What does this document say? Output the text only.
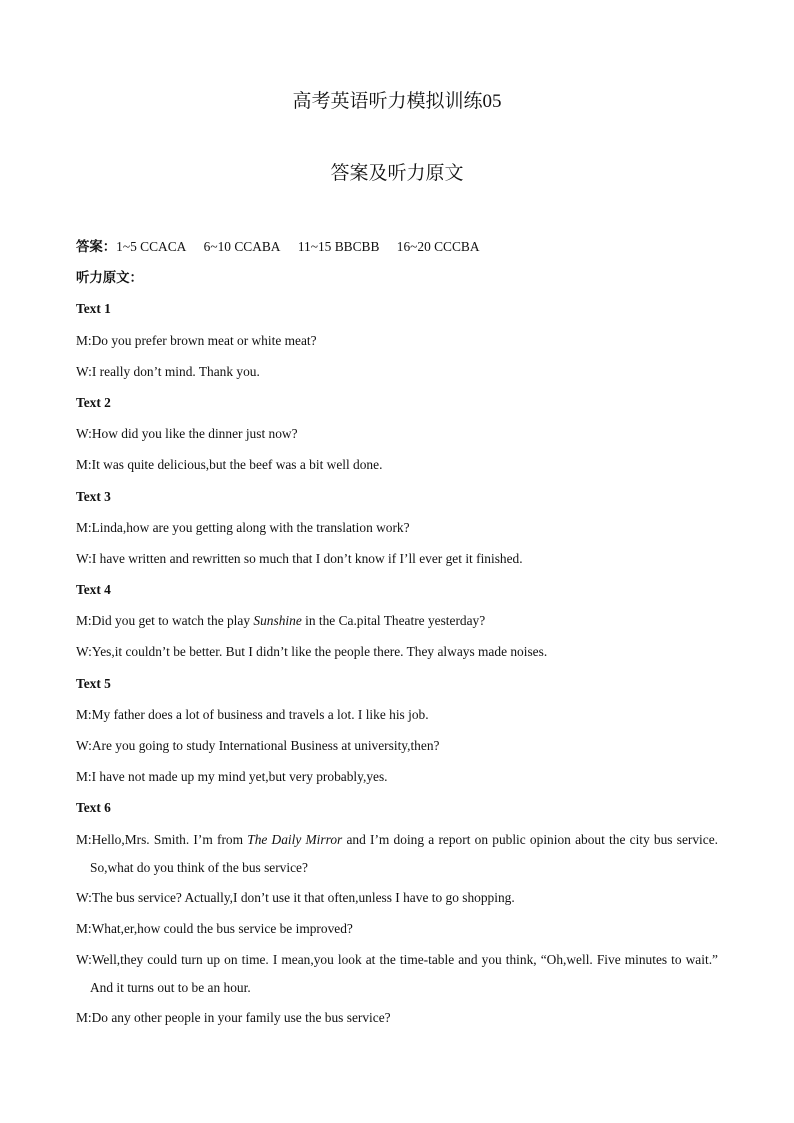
高考英语听力模拟训练05
答案及听力原文

答案：1~5 CCACA 6~10 CCABA 11~15 BBCBB 16~20 CCCBA

听力原文：

Text 1

M:Do you prefer brown meat or white meat?

W:I really don’t mind. Thank you.

Text 2

W:How did you like the dinner just now?

M:It was quite delicious,but the beef was a bit well done.

Text 3

M:Linda,how are you getting along with the translation work?

W:I have written and rewritten so much that I don’t know if I’ll ever get it finished.

Text 4

M:Did you get to watch the play Sunshine in the Ca.pital Theatre yesterday?

W:Yes,it couldn’t be better. But I didn’t like the people there. They always made noises.

Text 5

M:My father does a lot of business and travels a lot. I like his job.

W:Are you going to study International Business at university,then?

M:I have not made up my mind yet,but very probably,yes.

Text 6

M:Hello,Mrs. Smith. I’m from The Daily Mirror and I’m doing a report on public opinion about the city bus service. So,what do you think of the bus service?

W:The bus service? Actually,I don’t use it that often,unless I have to go shopping.

M:What,er,how could the bus service be improved?

W:Well,they could turn up on time. I mean,you look at the time-table and you think, “Oh,well. Five minutes to wait.” And it turns out to be an hour.

M:Do any other people in your family use the bus service?
